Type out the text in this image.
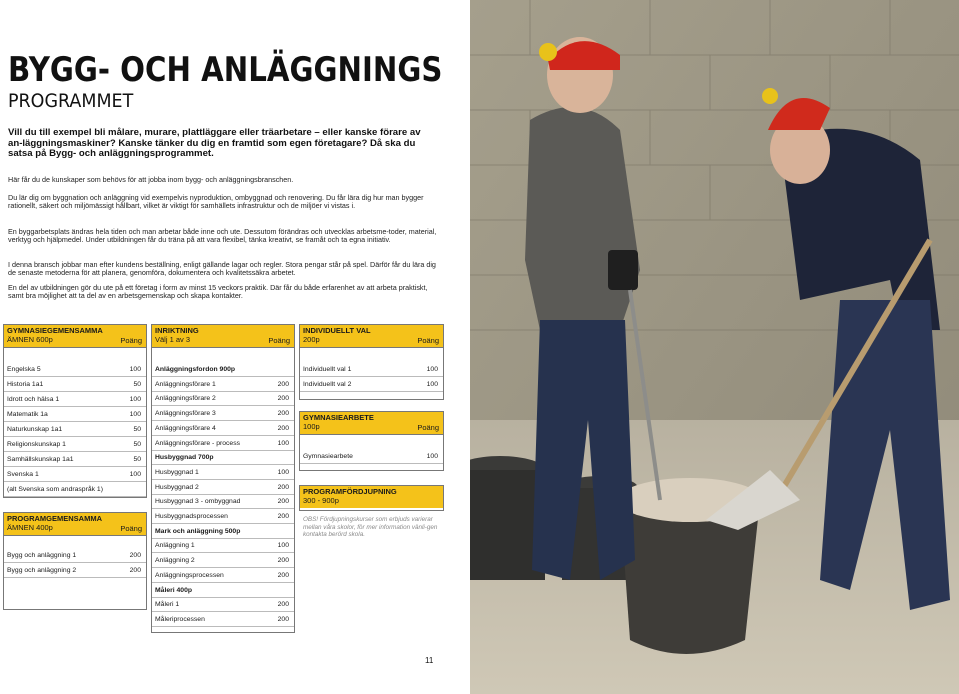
BYGG- OCH ANLÄGGNINGS
PROGRAMMET
Vill du till exempel bli målare, murare, plattläggare eller träarbetare – eller kanske förare av an-läggningsmaskiner? Kanske tänker du dig en framtid som egen företagare? Då ska du satsa på Bygg- och anläggningsprogrammet.
Här får du de kunskaper som behövs för att jobba inom bygg- och anläggningsbranschen.
Du lär dig om byggnation och anläggning vid exempelvis nyproduktion, ombyggnad och renovering. Du får lära dig hur man bygger rationellt, säkert och miljömässigt hållbart, vilket är viktigt för samhällets infrastruktur och de miljöer vi vistas i.
En byggarbetsplats ändras hela tiden och man arbetar både inne och ute. Dessutom förändras och utvecklas arbetsme-toder, material, verktyg och hjälpmedel. Under utbildningen får du träna på att vara flexibel, tänka kreativt, se framåt och ta egna initiativ.
I denna bransch jobbar man efter kundens beställning, enligt gällande lagar och regler. Stora pengar står på spel. Därför får du lära dig de senaste metoderna för att planera, genomföra, dokumentera och kvalitetssäkra arbetet.
En del av utbildningen gör du ute på ett företag i form av minst 15 veckors praktik. Där får du både erfarenhet av att arbeta praktiskt, samt bra möjlighet att ta del av en arbetsgemenskap och skapa kontakter.
GYMNASIEGEMENSAMMA
ÄMNEN 600p	Poäng
Engelska 5	100
Historia 1a1	50
Idrott och hälsa 1	100
Matematik 1a	100
Naturkunskap 1a1	50
Religionskunskap 1	50
Samhällskunskap 1a1	50
Svenska 1	100
(alt Svenska som andraspråk 1)
PROGRAMGEMENSAMMA
ÄMNEN 400p	Poäng
Bygg och anläggning 1	200
Bygg och anläggning 2	200
INRIKTNING
Välj 1 av 3	Poäng
Anläggningsfordon 900p
Anläggningsförare 1	200
Anläggningsförare 2	200
Anläggningsförare 3	200
Anläggningsförare 4	200
Anläggningsförare - process	100
Husbyggnad 700p
Husbyggnad 1	100
Husbyggnad 2	200
Husbyggnad 3 - ombyggnad	200
Husbyggnadsprocessen	200
Mark och anläggning 500p
Anläggning 1	100
Anläggning 2	200
Anläggningsprocessen	200
Måleri 400p
Måleri 1	200
Måleriprocessen	200
INDIVIDUELLT VAL
200p	Poäng
Individuellt val 1	100
Individuellt val 2	100
GYMNASIEARBETE
100p	Poäng
Gymnasiearbete	100
PROGRAMFÖRDJUPNING
300 - 900p
OBS! Fördjupningskurser som erbjuds varierar mellan våra skolor, för mer information vänli-gen kontakta berörd skola.
11
